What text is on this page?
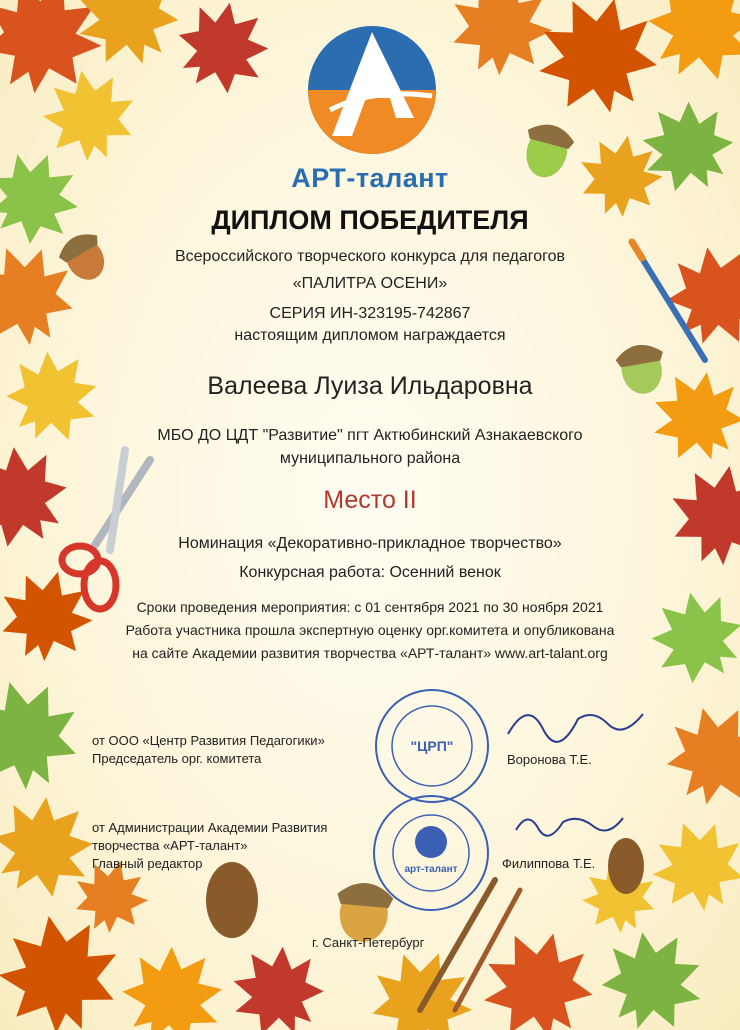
АРТ-талант
ДИПЛОМ ПОБЕДИТЕЛЯ
Всероссийского творческого конкурса для педагогов
«ПАЛИТРА ОСЕНИ»
СЕРИЯ ИН-323195-742867
настоящим дипломом награждается
Валеева Луиза Ильдаровна
МБО ДО ЦДТ "Развитие" пгт Актюбинский Азнакаевского
муниципального района
Место II
Номинация «Декоративно-прикладное творчество»
Конкурсная работа: Осенний венок
Сроки проведения мероприятия: с 01 сентября 2021 по 30 ноября 2021
Работа участника прошла экспертную оценку орг.комитета и опубликована
на сайте Академии развития творчества «АРТ-талант» www.art-talant.org
от ООО «Центр Развития Педагогики»
Председатель орг. комитета
"ЦРП"
Воронова Т.Е.
от Администрации Академии Развития
творчества «АРТ-талант»
Главный редактор	арт-талант	Филиппова Т.Е.
г. Санкт-Петербург
